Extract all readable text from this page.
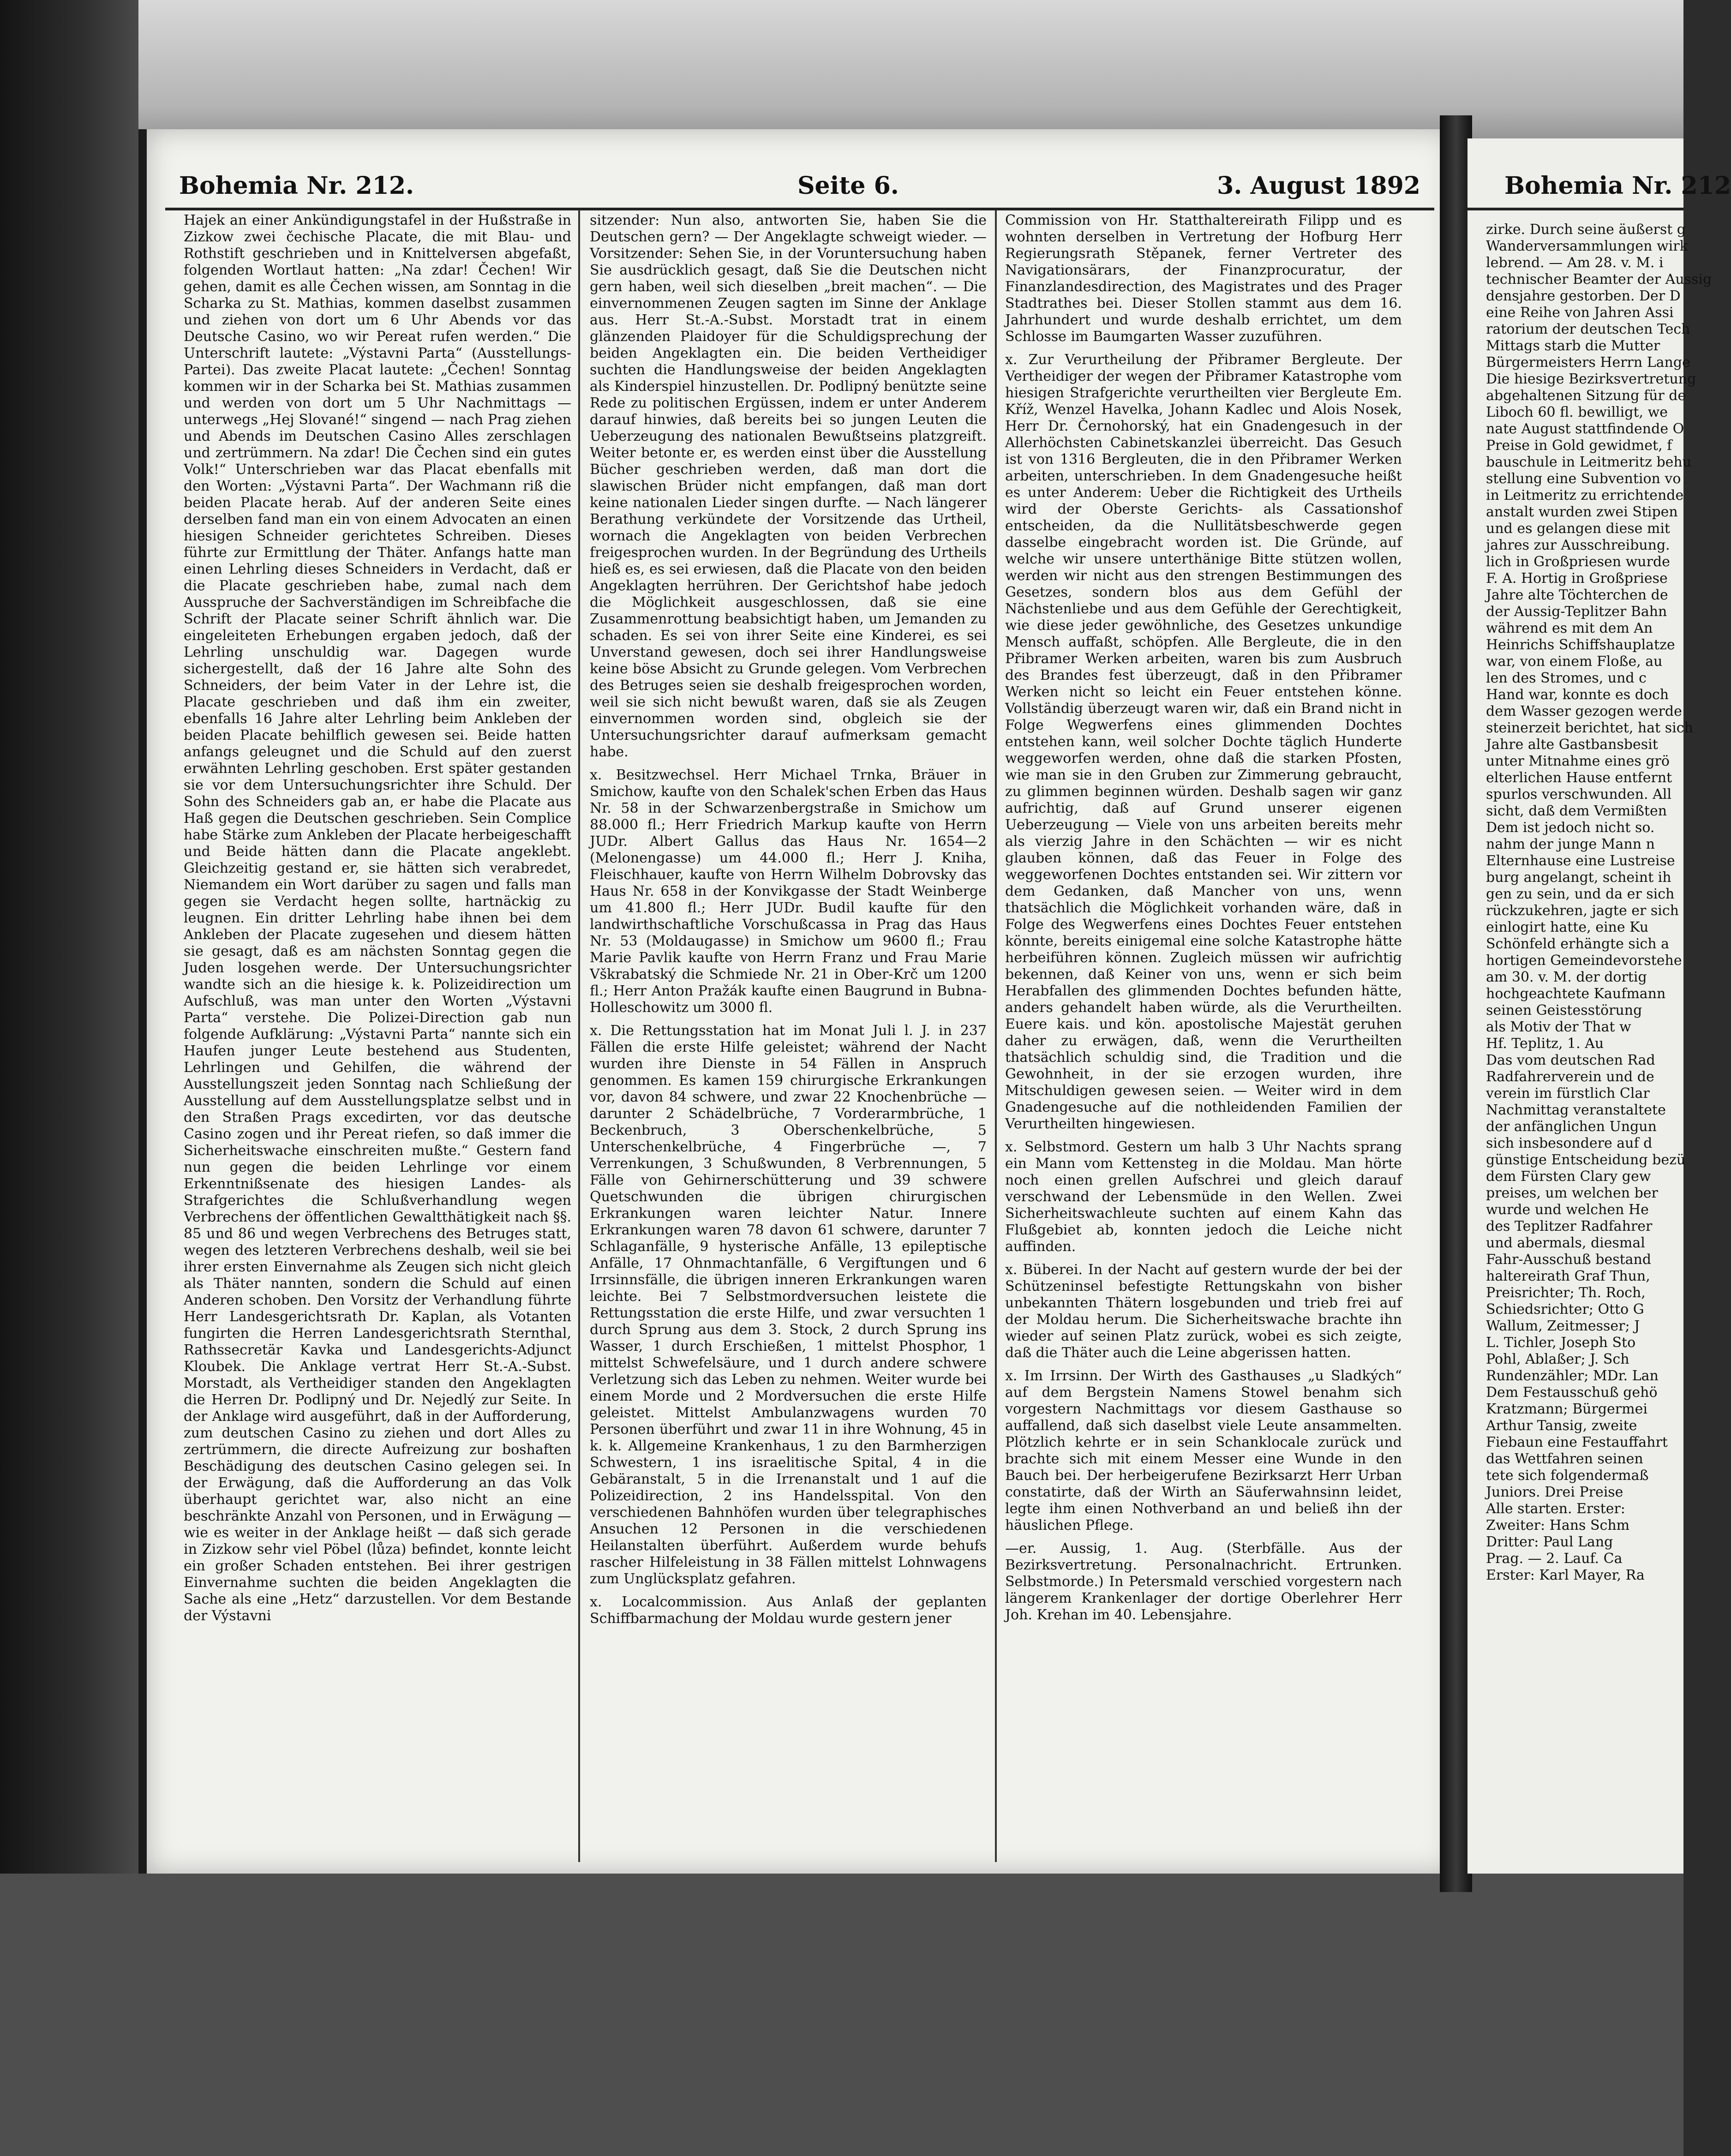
Bohemia Nr. 212.	Seite 6.	3. August 1892

Hajek an einer Ankündigungstafel in der Hußstraße in Zizkow zwei čechische Placate, die mit Blau- und Rothstift geschrieben und in Knittelversen abgefaßt, folgenden Wortlaut hatten: „Na zdar! Čechen! Wir gehen, damit es alle Čechen wissen, am Sonntag in die Scharka zu St. Mathias, kommen daselbst zusammen und ziehen von dort um 6 Uhr Abends vor das Deutsche Casino, wo wir Pereat rufen werden.“ Die Unterschrift lautete: „Výstavni Parta“ (Ausstellungs-Partei). Das zweite Placat lautete: „Čechen! Sonntag kommen wir in der Scharka bei St. Mathias zusammen und werden von dort um 5 Uhr Nachmittags — unterwegs „Hej Slované!“ singend — nach Prag ziehen und Abends im Deutschen Casino Alles zerschlagen und zertrümmern. Na zdar! Die Čechen sind ein gutes Volk!“ Unterschrieben war das Placat ebenfalls mit den Worten: „Výstavni Parta“. Der Wachmann riß die beiden Placate herab. Auf der anderen Seite eines derselben fand man ein von einem Advocaten an einen hiesigen Schneider gerichtetes Schreiben. Dieses führte zur Ermittlung der Thäter. Anfangs hatte man einen Lehrling dieses Schneiders in Verdacht, daß er die Placate geschrieben habe, zumal nach dem Ausspruche der Sachverständigen im Schreibfache die Schrift der Placate seiner Schrift ähnlich war. Die eingeleiteten Erhebungen ergaben jedoch, daß der Lehrling unschuldig war. Dagegen wurde sichergestellt, daß der 16 Jahre alte Sohn des Schneiders, der beim Vater in der Lehre ist, die Placate geschrieben und daß ihm ein zweiter, ebenfalls 16 Jahre alter Lehrling beim Ankleben der beiden Placate behilflich gewesen sei. Beide hatten anfangs geleugnet und die Schuld auf den zuerst erwähnten Lehrling geschoben. Erst später gestanden sie vor dem Untersuchungsrichter ihre Schuld. Der Sohn des Schneiders gab an, er habe die Placate aus Haß gegen die Deutschen geschrieben. Sein Complice habe Stärke zum Ankleben der Placate herbeigeschafft und Beide hätten dann die Placate angeklebt. Gleichzeitig gestand er, sie hätten sich verabredet, Niemandem ein Wort darüber zu sagen und falls man gegen sie Verdacht hegen sollte, hartnäckig zu leugnen. Ein dritter Lehrling habe ihnen bei dem Ankleben der Placate zugesehen und diesem hätten sie gesagt, daß es am nächsten Sonntag gegen die Juden losgehen werde. Der Untersuchungsrichter wandte sich an die hiesige k. k. Polizeidirection um Aufschluß, was man unter den Worten „Výstavni Parta“ verstehe. Die Polizei-Direction gab nun folgende Aufklärung: „Výstavni Parta“ nannte sich ein Haufen junger Leute bestehend aus Studenten, Lehrlingen und Gehilfen, die während der Ausstellungszeit jeden Sonntag nach Schließung der Ausstellung auf dem Ausstellungsplatze selbst und in den Straßen Prags excedirten, vor das deutsche Casino zogen und ihr Pereat riefen, so daß immer die Sicherheitswache einschreiten mußte.“ Gestern fand nun gegen die beiden Lehrlinge vor einem Erkenntnißsenate des hiesigen Landes- als Strafgerichtes die Schlußverhandlung wegen Verbrechens der öffentlichen Gewaltthätigkeit nach §§. 85 und 86 und wegen Verbrechens des Betruges statt, wegen des letzteren Verbrechens deshalb, weil sie bei ihrer ersten Einvernahme als Zeugen sich nicht gleich als Thäter nannten, sondern die Schuld auf einen Anderen schoben. Den Vorsitz der Verhandlung führte Herr Landesgerichtsrath Dr. Kaplan, als Votanten fungirten die Herren Landesgerichtsrath Sternthal, Rathssecretär Kavka und Landesgerichts-Adjunct Kloubek. Die Anklage vertrat Herr St.-A.-Subst. Morstadt, als Vertheidiger standen den Angeklagten die Herren Dr. Podlipný und Dr. Nejedlý zur Seite. In der Anklage wird ausgeführt, daß in der Aufforderung, zum deutschen Casino zu ziehen und dort Alles zu zertrümmern, die directe Aufreizung zur boshaften Beschädigung des deutschen Casino gelegen sei. In der Erwägung, daß die Aufforderung an das Volk überhaupt gerichtet war, also nicht an eine beschränkte Anzahl von Personen, und in Erwägung — wie es weiter in der Anklage heißt — daß sich gerade in Zizkow sehr viel Pöbel (lůza) befindet, konnte leicht ein großer Schaden entstehen. Bei ihrer gestrigen Einvernahme suchten die beiden Angeklagten die Sache als eine „Hetz“ darzustellen. Vor dem Bestande der Výstavni

sitzender: Nun also, antworten Sie, haben Sie die Deutschen gern? — Der Angeklagte schweigt wieder. — Vorsitzender: Sehen Sie, in der Voruntersuchung haben Sie ausdrücklich gesagt, daß Sie die Deutschen nicht gern haben, weil sich dieselben „breit machen“. — Die einvernommenen Zeugen sagten im Sinne der Anklage aus. Herr St.-A.-Subst. Morstadt trat in einem glänzenden Plaidoyer für die Schuldigsprechung der beiden Angeklagten ein. Die beiden Vertheidiger suchten die Handlungsweise der beiden Angeklagten als Kinderspiel hinzustellen. Dr. Podlipný benützte seine Rede zu politischen Ergüssen, indem er unter Anderem darauf hinwies, daß bereits bei so jungen Leuten die Ueberzeugung des nationalen Bewußtseins platzgreift. Weiter betonte er, es werden einst über die Ausstellung Bücher geschrieben werden, daß man dort die slawischen Brüder nicht empfangen, daß man dort keine nationalen Lieder singen durfte. — Nach längerer Berathung verkündete der Vorsitzende das Urtheil, wornach die Angeklagten von beiden Verbrechen freigesprochen wurden. In der Begründung des Urtheils hieß es, es sei erwiesen, daß die Placate von den beiden Angeklagten herrühren. Der Gerichtshof habe jedoch die Möglichkeit ausgeschlossen, daß sie eine Zusammenrottung beabsichtigt haben, um Jemanden zu schaden. Es sei von ihrer Seite eine Kinderei, es sei Unverstand gewesen, doch sei ihrer Handlungsweise keine böse Absicht zu Grunde gelegen. Vom Verbrechen des Betruges seien sie deshalb freigesprochen worden, weil sie sich nicht bewußt waren, daß sie als Zeugen einvernommen worden sind, obgleich sie der Untersuchungsrichter darauf aufmerksam gemacht habe.

x. Besitzwechsel. Herr Michael Trnka, Bräuer in Smichow, kaufte von den Schalek'schen Erben das Haus Nr. 58 in der Schwarzenbergstraße in Smichow um 88.000 fl.; Herr Friedrich Markup kaufte von Herrn JUDr. Albert Gallus das Haus Nr. 1654—2 (Melonengasse) um 44.000 fl.; Herr J. Kniha, Fleischhauer, kaufte von Herrn Wilhelm Dobrovsky das Haus Nr. 658 in der Konvikgasse der Stadt Weinberge um 41.800 fl.; Herr JUDr. Budil kaufte für den landwirthschaftliche Vorschußcassa in Prag das Haus Nr. 53 (Moldaugasse) in Smichow um 9600 fl.; Frau Marie Pavlik kaufte von Herrn Franz und Frau Marie Vškrabatský die Schmiede Nr. 21 in Ober-Krč um 1200 fl.; Herr Anton Pražák kaufte einen Baugrund in Bubna-Holleschowitz um 3000 fl.

x. Die Rettungsstation hat im Monat Juli l. J. in 237 Fällen die erste Hilfe geleistet; während der Nacht wurden ihre Dienste in 54 Fällen in Anspruch genommen. Es kamen 159 chirurgische Erkrankungen vor, davon 84 schwere, und zwar 22 Knochenbrüche — darunter 2 Schädelbrüche, 7 Vorderarmbrüche, 1 Beckenbruch, 3 Oberschenkelbrüche, 5 Unterschenkelbrüche, 4 Fingerbrüche —, 7 Verrenkungen, 3 Schußwunden, 8 Verbrennungen, 5 Fälle von Gehirnerschütterung und 39 schwere Quetschwunden die übrigen chirurgischen Erkrankungen waren leichter Natur. Innere Erkrankungen waren 78 davon 61 schwere, darunter 7 Schlaganfälle, 9 hysterische Anfälle, 13 epileptische Anfälle, 17 Ohnmachtanfälle, 6 Vergiftungen und 6 Irrsinnsfälle, die übrigen inneren Erkrankungen waren leichte. Bei 7 Selbstmordversuchen leistete die Rettungsstation die erste Hilfe, und zwar versuchten 1 durch Sprung aus dem 3. Stock, 2 durch Sprung ins Wasser, 1 durch Erschießen, 1 mittelst Phosphor, 1 mittelst Schwefelsäure, und 1 durch andere schwere Verletzung sich das Leben zu nehmen. Weiter wurde bei einem Morde und 2 Mordversuchen die erste Hilfe geleistet. Mittelst Ambulanzwagens wurden 70 Personen überführt und zwar 11 in ihre Wohnung, 45 in k. k. Allgemeine Krankenhaus, 1 zu den Barmherzigen Schwestern, 1 ins israelitische Spital, 4 in die Gebäranstalt, 5 in die Irrenanstalt und 1 auf die Polizeidirection, 2 ins Handelsspital. Von den verschiedenen Bahnhöfen wurden über telegraphisches Ansuchen 12 Personen in die verschiedenen Heilanstalten überführt. Außerdem wurde behufs rascher Hilfeleistung in 38 Fällen mittelst Lohnwagens zum Unglücksplatz gefahren.

x. Localcommission. Aus Anlaß der geplanten Schiffbarmachung der Moldau wurde gestern jener

Commission von Hr. Statthaltereirath Filipp und es wohnten derselben in Vertretung der Hofburg Herr Regierungsrath Stěpanek, ferner Vertreter des Navigationsärars, der Finanzprocuratur, der Finanzlandesdirection, des Magistrates und des Prager Stadtrathes bei. Dieser Stollen stammt aus dem 16. Jahrhundert und wurde deshalb errichtet, um dem Schlosse im Baumgarten Wasser zuzuführen.

x. Zur Verurtheilung der Přibramer Bergleute. Der Vertheidiger der wegen der Přibramer Katastrophe vom hiesigen Strafgerichte verurtheilten vier Bergleute Em. Kříž, Wenzel Havelka, Johann Kadlec und Alois Nosek, Herr Dr. Černohorský, hat ein Gnadengesuch in der Allerhöchsten Cabinetskanzlei überreicht. Das Gesuch ist von 1316 Bergleuten, die in den Přibramer Werken arbeiten, unterschrieben. In dem Gnadengesuche heißt es unter Anderem: Ueber die Richtigkeit des Urtheils wird der Oberste Gerichts- als Cassationshof entscheiden, da die Nullitätsbeschwerde gegen dasselbe eingebracht worden ist. Die Gründe, auf welche wir unsere unterthänige Bitte stützen wollen, werden wir nicht aus den strengen Bestimmungen des Gesetzes, sondern blos aus dem Gefühl der Nächstenliebe und aus dem Gefühle der Gerechtigkeit, wie diese jeder gewöhnliche, des Gesetzes unkundige Mensch auffaßt, schöpfen. Alle Bergleute, die in den Přibramer Werken arbeiten, waren bis zum Ausbruch des Brandes fest überzeugt, daß in den Přibramer Werken nicht so leicht ein Feuer entstehen könne. Vollständig überzeugt waren wir, daß ein Brand nicht in Folge Wegwerfens eines glimmenden Dochtes entstehen kann, weil solcher Dochte täglich Hunderte weggeworfen werden, ohne daß die starken Pfosten, wie man sie in den Gruben zur Zimmerung gebraucht, zu glimmen beginnen würden. Deshalb sagen wir ganz aufrichtig, daß auf Grund unserer eigenen Ueberzeugung — Viele von uns arbeiten bereits mehr als vierzig Jahre in den Schächten — wir es nicht glauben können, daß das Feuer in Folge des weggeworfenen Dochtes entstanden sei. Wir zittern vor dem Gedanken, daß Mancher von uns, wenn thatsächlich die Möglichkeit vorhanden wäre, daß in Folge des Wegwerfens eines Dochtes Feuer entstehen könnte, bereits einigemal eine solche Katastrophe hätte herbeiführen können. Zugleich müssen wir aufrichtig bekennen, daß Keiner von uns, wenn er sich beim Herabfallen des glimmenden Dochtes befunden hätte, anders gehandelt haben würde, als die Verurtheilten. Euere kais. und kön. apostolische Majestät geruhen daher zu erwägen, daß, wenn die Verurtheilten thatsächlich schuldig sind, die Tradition und die Gewohnheit, in der sie erzogen wurden, ihre Mitschuldigen gewesen seien. — Weiter wird in dem Gnadengesuche auf die nothleidenden Familien der Verurtheilten hingewiesen.

x. Selbstmord. Gestern um halb 3 Uhr Nachts sprang ein Mann vom Kettensteg in die Moldau. Man hörte noch einen grellen Aufschrei und gleich darauf verschwand der Lebensmüde in den Wellen. Zwei Sicherheitswachleute suchten auf einem Kahn das Flußgebiet ab, konnten jedoch die Leiche nicht auffinden.

x. Büberei. In der Nacht auf gestern wurde der bei der Schützeninsel befestigte Rettungskahn von bisher unbekannten Thätern losgebunden und trieb frei auf der Moldau herum. Die Sicherheitswache brachte ihn wieder auf seinen Platz zurück, wobei es sich zeigte, daß die Thäter auch die Leine abgerissen hatten.

x. Im Irrsinn. Der Wirth des Gasthauses „u Sladkých“ auf dem Bergstein Namens Stowel benahm sich vorgestern Nachmittags vor diesem Gasthause so auffallend, daß sich daselbst viele Leute ansammelten. Plötzlich kehrte er in sein Schanklocale zurück und brachte sich mit einem Messer eine Wunde in den Bauch bei. Der herbeigerufene Bezirksarzt Herr Urban constatirte, daß der Wirth an Säuferwahnsinn leidet, legte ihm einen Nothverband an und beließ ihn der häuslichen Pflege.

—er. Aussig, 1. Aug. (Sterbfälle. Aus der Bezirksvertretung. Personalnachricht. Ertrunken. Selbstmorde.) In Petersmald verschied vorgestern nach längerem Krankenlager der dortige Oberlehrer Herr Joh. Krehan im 40. Lebensjahre.

Bohemia Nr. 212
zirke. Durch seine äußerst g
Wanderversammlungen wirk
lebrend. — Am 28. v. M. i
technischer Beamter der Aussig
densjahre gestorben. Der D
eine Reihe von Jahren Assi
ratorium der deutschen Tech
Mittags starb die Mutter
Bürgermeisters Herrn Lange
Die hiesige Bezirksvertretung
abgehaltenen Sitzung für de
Liboch 60 fl. bewilligt, we
nate August stattfindende O
Preise in Gold gewidmet, f
bauschule in Leitmeritz behu
stellung eine Subvention vo
in Leitmeritz zu errichtende
anstalt wurden zwei Stipen
und es gelangen diese mit
jahres zur Ausschreibung.
lich in Großpriesen wurde
F. A. Hortig in Großpriese
Jahre alte Töchterchen de
der Aussig-Teplitzer Bahn
während es mit dem An
Heinrichs Schiffshauplatze
war, von einem Floße, au
len des Stromes, und c
Hand war, konnte es doch
dem Wasser gezogen werde
steinerzeit berichtet, hat sich
Jahre alte Gastbansbesit
unter Mitnahme eines grö
elterlichen Hause entfernt
spurlos verschwunden. All
sicht, daß dem Vermißten
Dem ist jedoch nicht so.
nahm der junge Mann n
Elternhause eine Lustreise
burg angelangt, scheint ih
gen zu sein, und da er sich
rückzukehren, jagte er sich
einlogirt hatte, eine Ku
Schönfeld erhängte sich a
hortigen Gemeindevorstehe
am 30. v. M. der dortig
hochgeachtete Kaufmann
seinen Geistesstörung
als Motiv der That w
Hf. Teplitz, 1. Au
Das vom deutschen Rad
Radfahrerverein und de
verein im fürstlich Clar
Nachmittag veranstaltete
der anfänglichen Ungun
sich insbesondere auf d
günstige Entscheidung bezü
dem Fürsten Clary gew
preises, um welchen ber
wurde und welchen He
des Teplitzer Radfahrer
und abermals, diesmal
Fahr-Ausschuß bestand
haltereirath Graf Thun,
Preisrichter; Th. Roch,
Schiedsrichter; Otto G
Wallum, Zeitmesser; J
L. Tichler, Joseph Sto
Pohl, Ablaßer; J. Sch
Rundenzähler; MDr. Lan
Dem Festausschuß gehö
Kratzmann; Bürgermei
Arthur Tansig, zweite
Fiebaun eine Festauffahrt
das Wettfahren seinen
tete sich folgendermaß
Juniors. Drei Preise
Alle starten. Erster:
Zweiter: Hans Schm
Dritter: Paul Lang
Prag. — 2. Lauf. Ca
Erster: Karl Mayer, Ra
